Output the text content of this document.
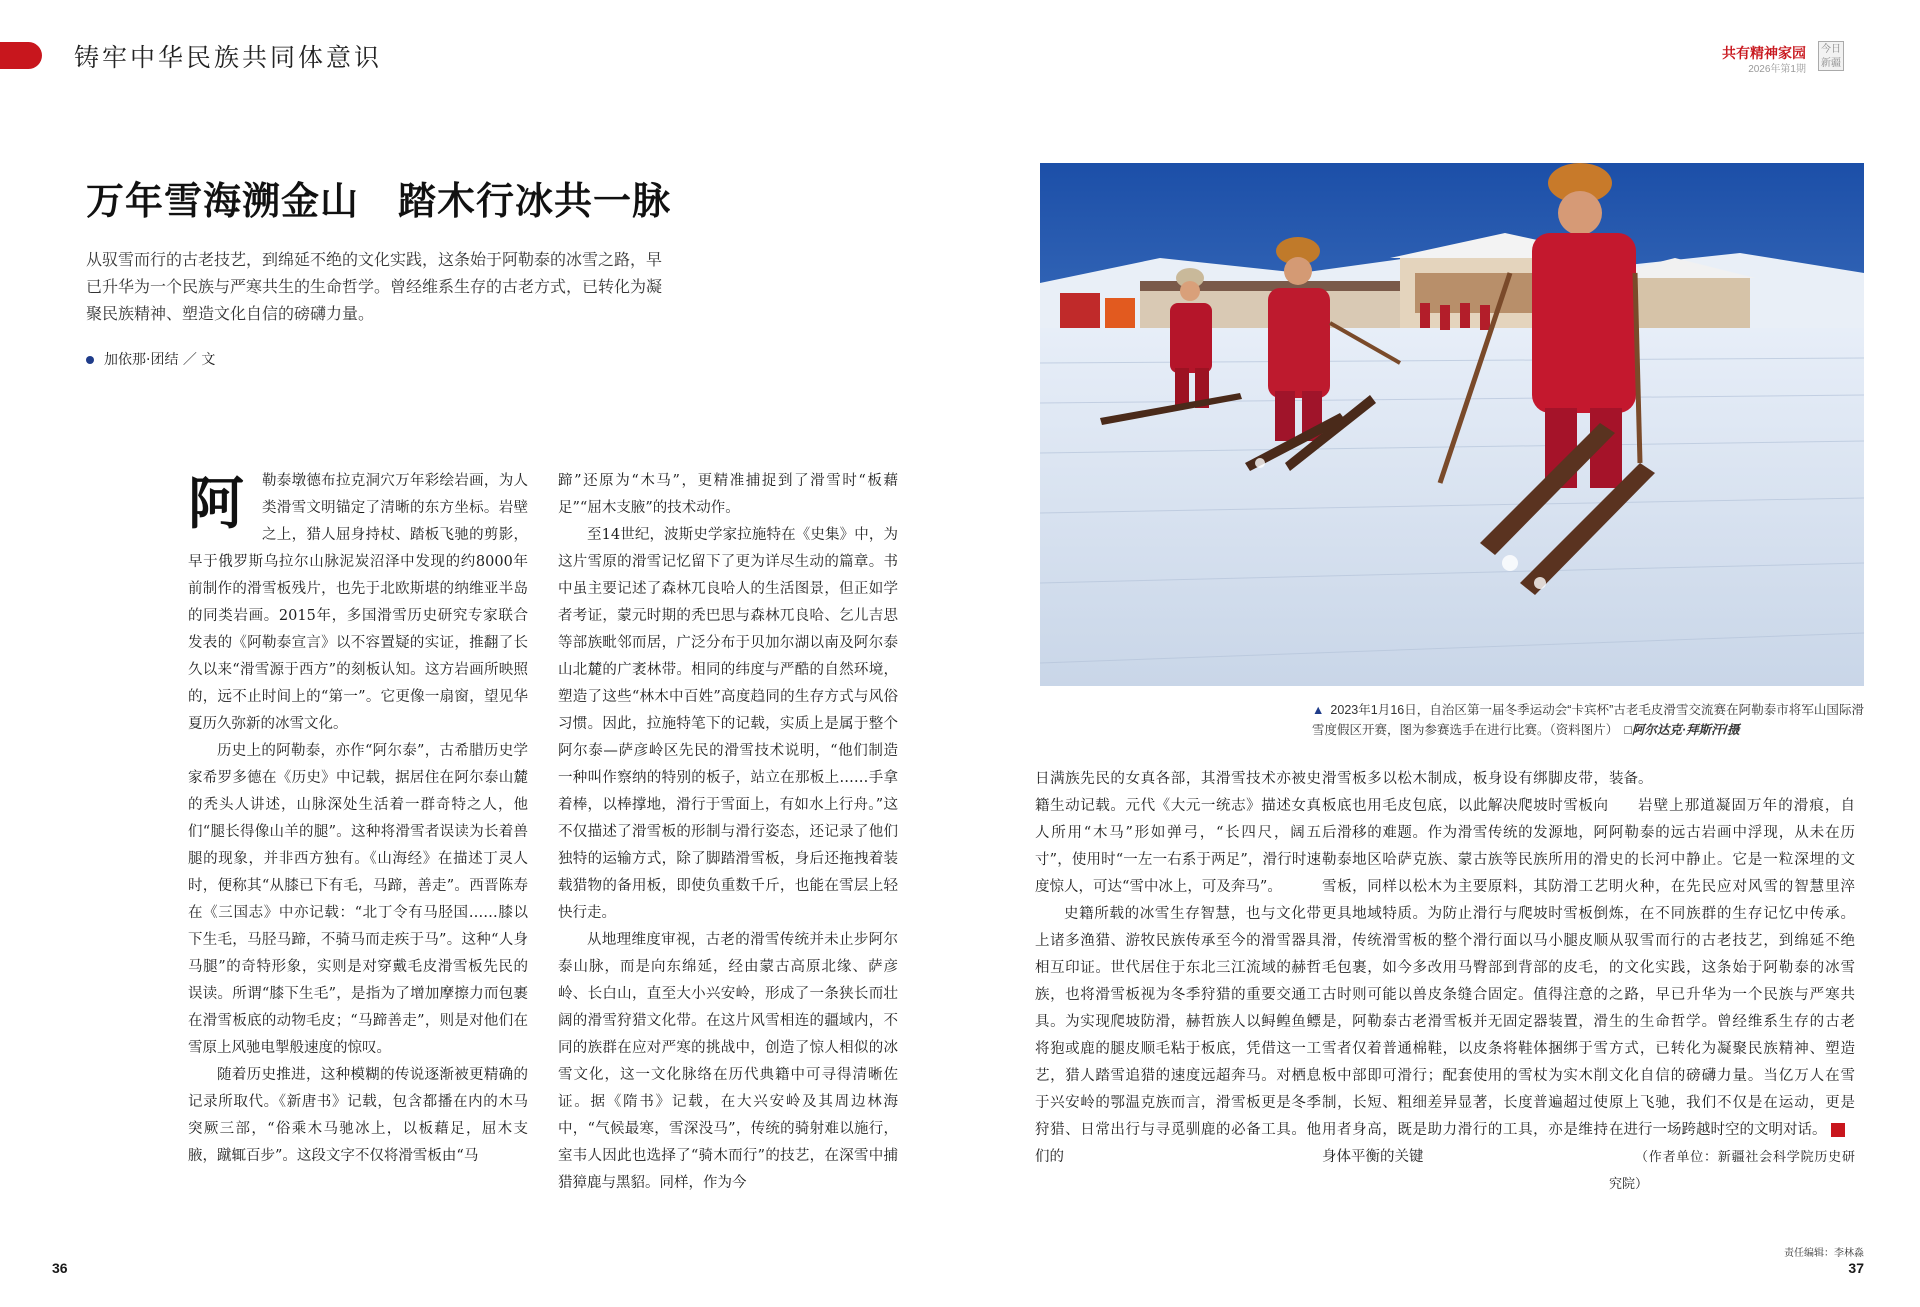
铸牢中华民族共同体意识	共有精神家园
2026年第1期
今日
新疆
万年雪海溯金山　踏木行冰共一脉
从驭雪而行的古老技艺，到绵延不绝的文化实践，这条始于阿勒泰的冰雪之路，早已升华为一个民族与严寒共生的生命哲学。曾经维系生存的古老方式，已转化为凝聚民族精神、塑造文化自信的磅礴力量。
加依那·团结 ／ 文
阿	勒泰墩德布拉克洞穴万年彩绘岩画，为人类滑雪文明锚定了清晰的东方坐标。岩壁之上，猎人屈身持杖、踏板飞驰的剪影，早于俄罗斯乌拉尔山脉泥炭沼泽中发现的约8000年前制作的滑雪板残片，也先于北欧斯堪的纳维亚半岛的同类岩画。2015年，多国滑雪历史研究专家联合发表的《阿勒泰宣言》以不容置疑的实证，推翻了长久以来“滑雪源于西方”的刻板认知。这方岩画所映照的，远不止时间上的“第一”。它更像一扇窗，望见华夏历久弥新的冰雪文化。

历史上的阿勒泰，亦作“阿尔泰”，古希腊历史学家希罗多德在《历史》中记载，据居住在阿尔泰山麓的秃头人讲述，山脉深处生活着一群奇特之人，他们“腿长得像山羊的腿”。这种将滑雪者误读为长着兽腿的现象，并非西方独有。《山海经》在描述丁灵人时，便称其“从膝已下有毛，马蹄，善走”。西晋陈寿在《三国志》中亦记载：“北丁令有马胫国……膝以下生毛，马胫马蹄，不骑马而走疾于马”。这种“人身马腿”的奇特形象，实则是对穿戴毛皮滑雪板先民的误读。所谓“膝下生毛”，是指为了增加摩擦力而包裹在滑雪板底的动物毛皮；“马蹄善走”，则是对他们在雪原上风驰电掣般速度的惊叹。

随着历史推进，这种模糊的传说逐渐被更精确的记录所取代。《新唐书》记载，包含都播在内的木马突厥三部，“俗乘木马驰冰上，以板藉足，屈木支腋，蹴辄百步”。这段文字不仅将滑雪板由“马

蹄”还原为“木马”，更精准捕捉到了滑雪时“板藉足”“屈木支腋”的技术动作。

至14世纪，波斯史学家拉施特在《史集》中，为这片雪原的滑雪记忆留下了更为详尽生动的篇章。书中虽主要记述了森林兀良哈人的生活图景，但正如学者考证，蒙元时期的秃巴思与森林兀良哈、乞儿吉思等部族毗邻而居，广泛分布于贝加尔湖以南及阿尔泰山北麓的广袤林带。相同的纬度与严酷的自然环境，塑造了这些“林木中百姓”高度趋同的生存方式与风俗习惯。因此，拉施特笔下的记载，实质上是属于整个阿尔泰—萨彦岭区先民的滑雪技术说明，“他们制造一种叫作察纳的特别的板子，站立在那板上……手拿着棒，以棒撑地，滑行于雪面上，有如水上行舟。”这不仅描述了滑雪板的形制与滑行姿态，还记录了他们独特的运输方式，除了脚踏滑雪板，身后还拖拽着装载猎物的备用板，即使负重数千斤，也能在雪层上轻快行走。

从地理维度审视，古老的滑雪传统并未止步阿尔泰山脉，而是向东绵延，经由蒙古高原北缘、萨彦岭、长白山，直至大小兴安岭，形成了一条狭长而壮阔的滑雪狩猎文化带。在这片风雪相连的疆域内，不同的族群在应对严寒的挑战中，创造了惊人相似的冰雪文化，这一文化脉络在历代典籍中可寻得清晰佐证。据《隋书》记载，在大兴安岭及其周边林海中，“气候最寒，雪深没马”，传统的骑射难以施行，室韦人因此也选择了“骑木而行”的技艺，在深雪中捕猎獐鹿与黑貂。同样，作为今

▲ 2023年1月16日，自治区第一届冬季运动会“卡宾杯”古老毛皮滑雪交流赛在阿勒泰市将军山国际滑雪度假区开赛，图为参赛选手在进行比赛。（资料图片） □阿尔达克·拜斯汗/摄

日满族先民的女真各部，其滑雪技术亦被史籍生动记载。元代《大元一统志》描述女真人所用“木马”形如弹弓，“长四尺，阔五寸”，使用时“一左一右系于两足”，滑行时速度惊人，可达“雪中冰上，可及奔马”。

史籍所载的冰雪生存智慧，也与文化带上诸多渔猎、游牧民族传承至今的滑雪器具相互印证。世代居住于东北三江流域的赫哲族，也将滑雪板视为冬季狩猎的重要交通工具。为实现爬坡防滑，赫哲族人以鲟鳇鱼鳔将狍或鹿的腿皮顺毛粘于板底，凭借这一工艺，猎人踏雪追猎的速度远超奔马。对栖息于兴安岭的鄂温克族而言，滑雪板更是冬季狩猎、日常出行与寻觅驯鹿的必备工具。他们的

滑雪板多以松木制成，板身设有绑脚皮带，板底也用毛皮包底，以此解决爬坡时雪板向后滑移的难题。作为滑雪传统的发源地，阿勒泰地区哈萨克族、蒙古族等民族所用的滑雪板，同样以松木为主要原料，其防滑工艺更具地域特质。为防止滑行与爬坡时雪板倒滑，传统滑雪板的整个滑行面以马小腿皮顺毛包裹，如今多改用马臀部到背部的皮毛，古时则可能以兽皮条缝合固定。值得注意的是，阿勒泰古老滑雪板并无固定器装置，滑雪者仅着普通棉鞋，以皮条将鞋体捆绑于雪板中部即可滑行；配套使用的雪杖为实木削制，长短、粗细差异显著，长度普遍超过使用者身高，既是助力滑行的工具，亦是维持身体平衡的关键

装备。

岩壁上那道凝固万年的滑痕，自阿勒泰的远古岩画中浮现，从未在历史的长河中静止。它是一粒深埋的文明火种，在先民应对风雪的智慧里淬炼，在不同族群的生存记忆中传承。从驭雪而行的古老技艺，到绵延不绝的文化实践，这条始于阿勒泰的冰雪之路，早已升华为一个民族与严寒共生的生命哲学。曾经维系生存的古老方式，已转化为凝聚民族精神、塑造文化自信的磅礴力量。当亿万人在雪原上飞驰，我们不仅是在运动，更是在进行一场跨越时空的文明对话。

（作者单位：新疆社会科学院历史研究院）

36
责任编辑：李林淼
37
